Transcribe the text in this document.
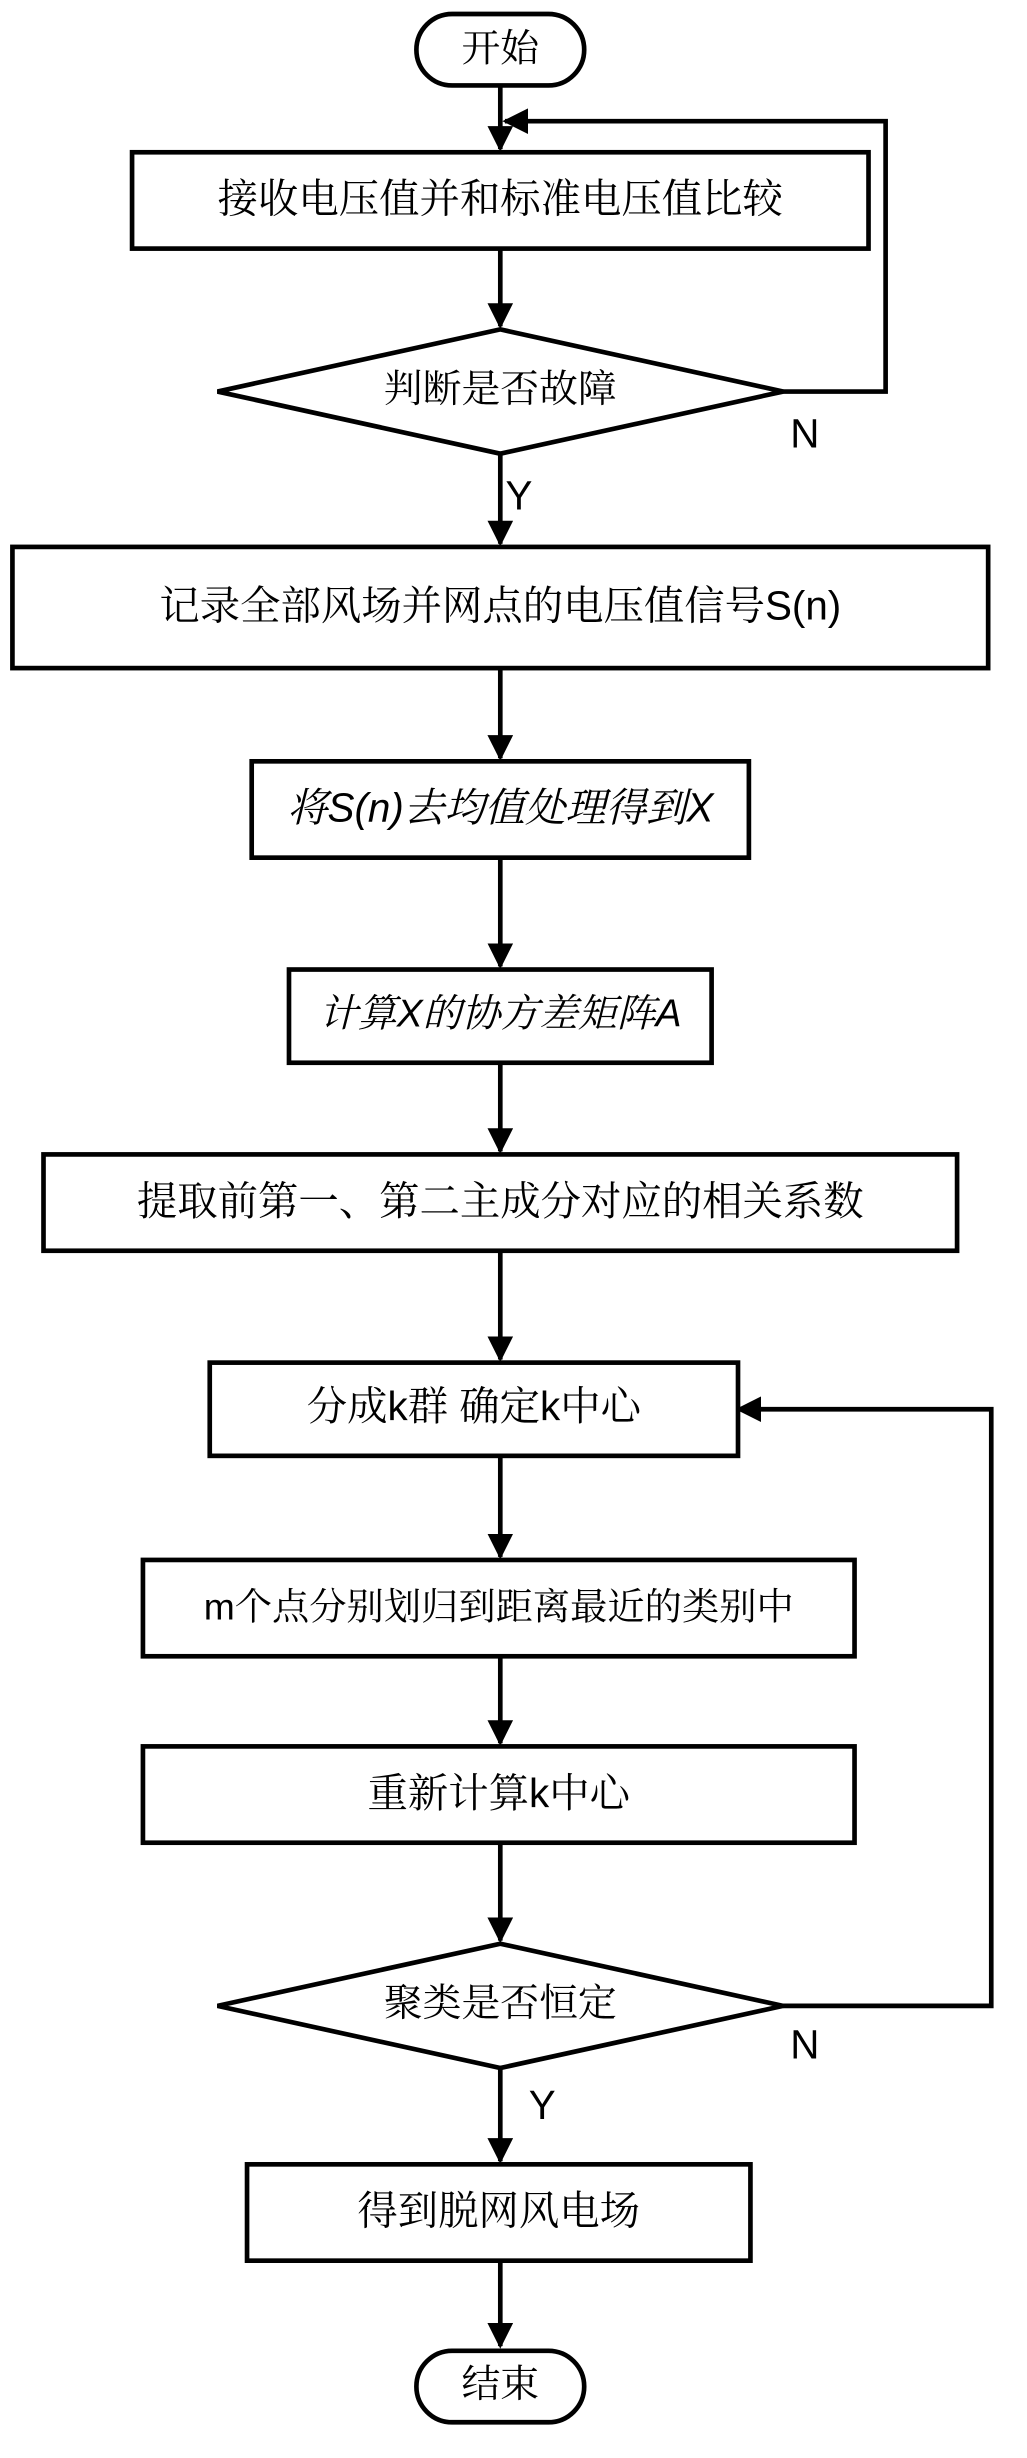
开始
接收电压值并和标准电压值比较
判断是否故障
记录全部风场并网点的电压值信号S(n)
将S(n)去均值处理得到X
计算X的协方差矩阵A
提取前第一、第二主成分对应的相关系数
分成k群 确定k中心
m个点分别划归到距离最近的类别中
重新计算k中心
聚类是否恒定
得到脱网风电场
结束
N
Y
N
Y
